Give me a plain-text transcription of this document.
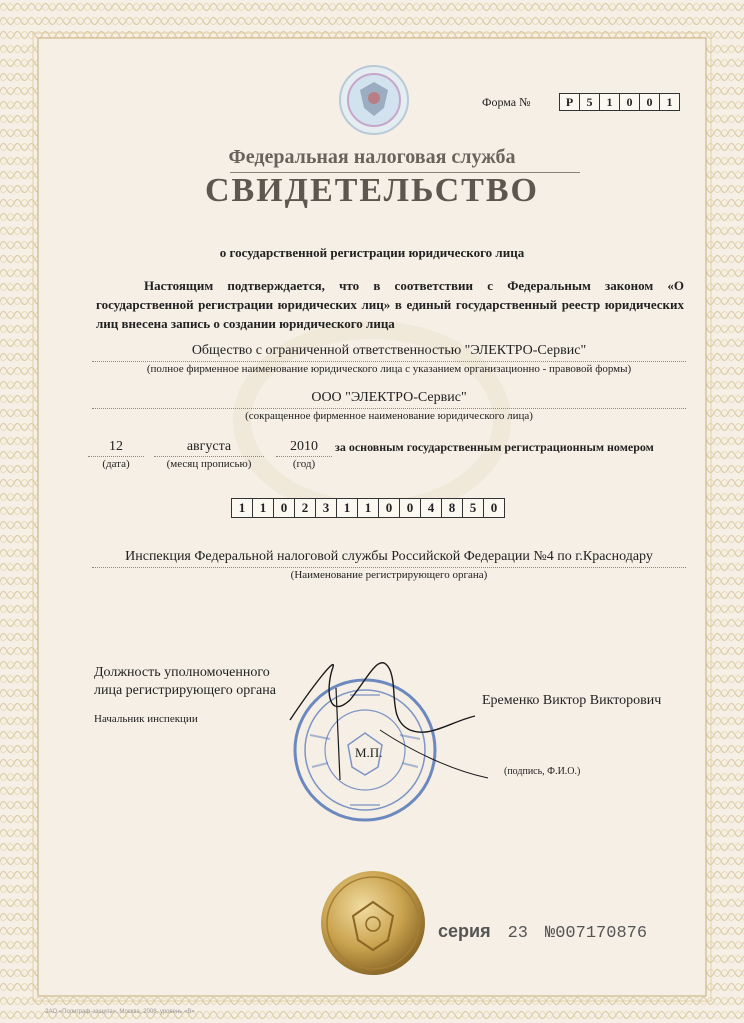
Форма №	Р	5	1	0	0	1
Федеральная налоговая служба
СВИДЕТЕЛЬСТВО
о государственной регистрации юридического лица
Настоящим подтверждается, что в соответствии с Федеральным законом «О государственной регистрации юридических лиц» в единый государственный реестр юридических лиц внесена запись о создании юридического лица
Общество с ограниченной ответственностью "ЭЛЕКТРО-Сервис"
(полное фирменное наименование юридического лица с указанием организационно - правовой формы)
ООО "ЭЛЕКТРО-Сервис"
(сокращенное фирменное наименование юридического лица)
12
(дата)
августа
(месяц прописью)
2010
(год)
за основным государственным регистрационным номером
1	1	0	2	3	1	1	0	0	4	8	5	0
Инспекция Федеральной налоговой службы Российской Федерации №4 по г.Краснодару
(Наименование регистрирующего органа)
Должность уполномоченного
лица регистрирующего органа
Начальник инспекции
Еременко Виктор Викторович
(подпись, Ф.И.О.)
М.П.
серия 23 №007170876
ЗАО «Полиграф-защита», Москва, 2008, уровень «В»
